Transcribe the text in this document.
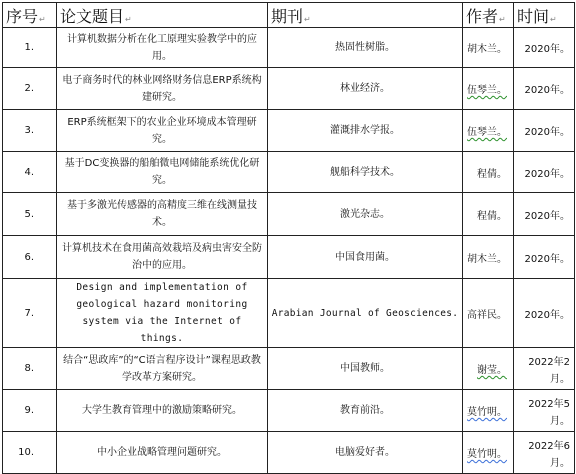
序号↵	论文题目↵	期刊↵	作者↵	时间↵
1.	计算机数据分析在化工原理实验教学中的应用。	热固性树脂。	胡木兰。	2020年。
2.	电子商务时代的林业网络财务信息ERP系统构建研究。	林业经济。	伍琴兰。	2020年。
3.	ERP系统框架下的农业企业环境成本管理研究。	灌溉排水学报。	伍琴兰。	2020年。
4.	基于DC变换器的船舶微电网储能系统优化研究。	舰船科学技术。	程倩。	2020年。
5.	基于多激光传感器的高精度三维在线测量技术。	激光杂志。	程倩。	2020年。
6.	计算机技术在食用菌高效栽培及病虫害安全防治中的应用。	中国食用菌。	胡木兰。	2020年。
7.	Design and implementation of geological hazard monitoring system via the Internet of things.	Arabian Journal of Geosciences.	高祥民。	2020年。
8.	结合“思政库”的“C语言程序设计”课程思政教学改革方案研究。	中国教师。	谢莹。	2022年2月。
9.	大学生教育管理中的激励策略研究。	教育前沿。	莫竹明。	2022年5月。
10.	中小企业战略管理问题研究。	电脑爱好者。	莫竹明。	2022年6月。
